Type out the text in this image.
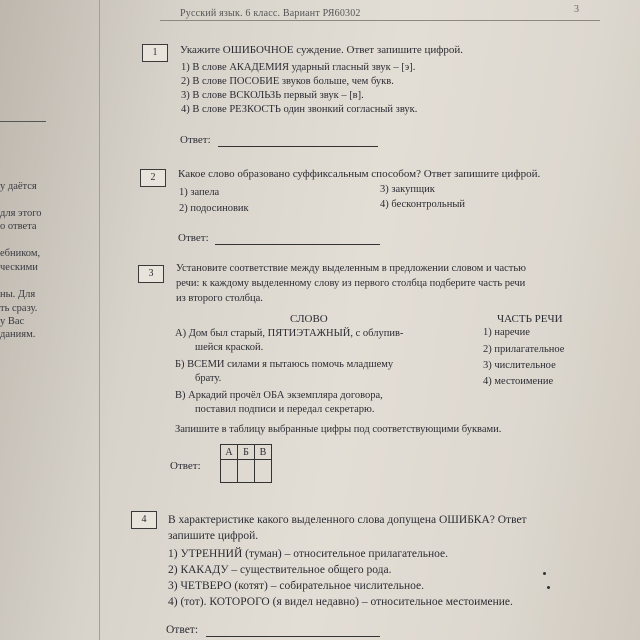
Русский язык. 6 класс. Вариант РЯ60302	3
у даётся
для этого
о ответа
ебником,
ческими
ны. Для
ть сразу.
у Вас
даниям.
1	Укажите ОШИБОЧНОЕ суждение. Ответ запишите цифрой.
1) В слове АКАДЕМИЯ ударный гласный звук – [э].
2) В слове ПОСОБИЕ звуков больше, чем букв.
3) В слове ВСКОЛЬЗЬ первый звук – [в].
4) В слове РЕЗКОСТЬ один звонкий согласный звук.
Ответ:
2	Какое слово образовано суффиксальным способом? Ответ запишите цифрой.
1) запела
2) подосиновик
3) закупщик
4) бесконтрольный
Ответ:
3	Установите соответствие между выделенным в предложении словом и частью
речи: к каждому выделенному слову из первого столбца подберите часть речи
из второго столбца.
СЛОВО	ЧАСТЬ РЕЧИ
А) Дом был старый, ПЯТИЭТАЖНЫЙ, с облупив-
шейся краской.
Б) ВСЕМИ силами я пытаюсь помочь младшему
брату.
В) Аркадий прочёл ОБА экземпляра договора,
поставил подписи и передал секретарю.
1) наречие
2) прилагательное
3) числительное
4) местоимение
Запишите в таблицу выбранные цифры под соответствующими буквами.
Ответ:
А	Б	В

4	В характеристике какого выделенного слова допущена ОШИБКА? Ответ
запишите цифрой.
1) УТРЕННИЙ (туман) – относительное прилагательное.
2) КАКАДУ – существительное общего рода.
3) ЧЕТВЕРО (котят) – собирательное числительное.
4) (тот). КОТОРОГО (я видел недавно) – относительное местоимение.
Ответ:
